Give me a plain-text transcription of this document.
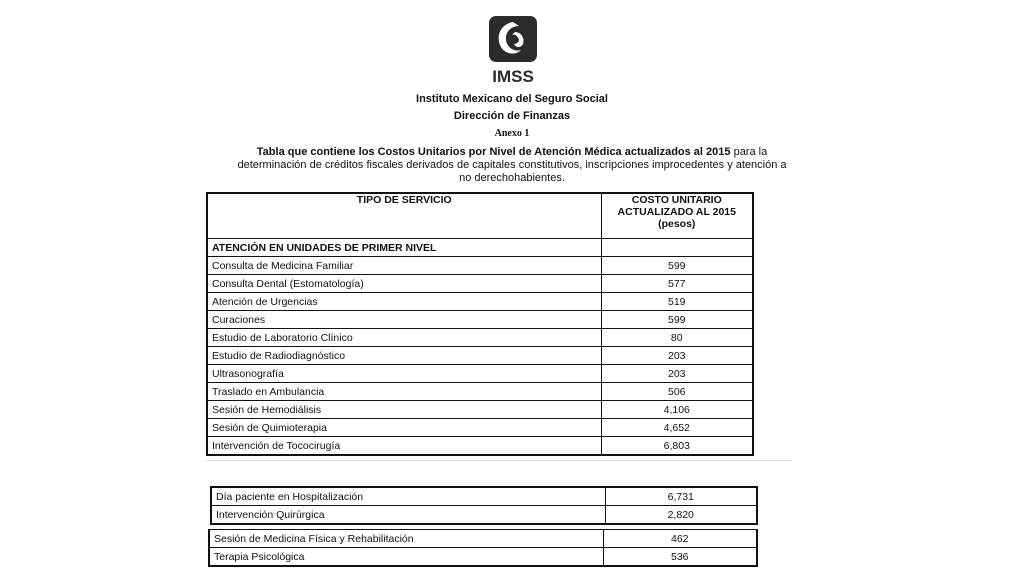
IMSS
Instituto Mexicano del Seguro Social
Dirección de Finanzas
Anexo 1
Tabla que contiene los Costos Unitarios por Nivel de Atención Médica actualizados al 2015 para la determinación de créditos fiscales derivados de capitales constitutivos, inscripciones improcedentes y atención a no derechohabientes.
TIPO DE SERVICIO	COSTO UNITARIO
ACTUALIZADO AL 2015
(pesos)

ATENCIÓN EN UNIDADES DE PRIMER NIVEL	
Consulta de Medicina Familiar	599
Consulta Dental (Estomatología)	577
Atención de Urgencias	519
Curaciones	599
Estudio de Laboratorio Clínico	80
Estudio de Radiodiagnóstico	203
Ultrasonografía	203
Traslado en Ambulancia	506
Sesión de Hemodiálisis	4,106
Sesión de Quimioterapia	4,652
Intervención de Tococirugía	6,803
Día paciente en Hospitalización	6,731
Intervención Quirúrgica	2,820
Sesión de Medicina Física y Rehabilitación	462
Terapia Psicológica	536
